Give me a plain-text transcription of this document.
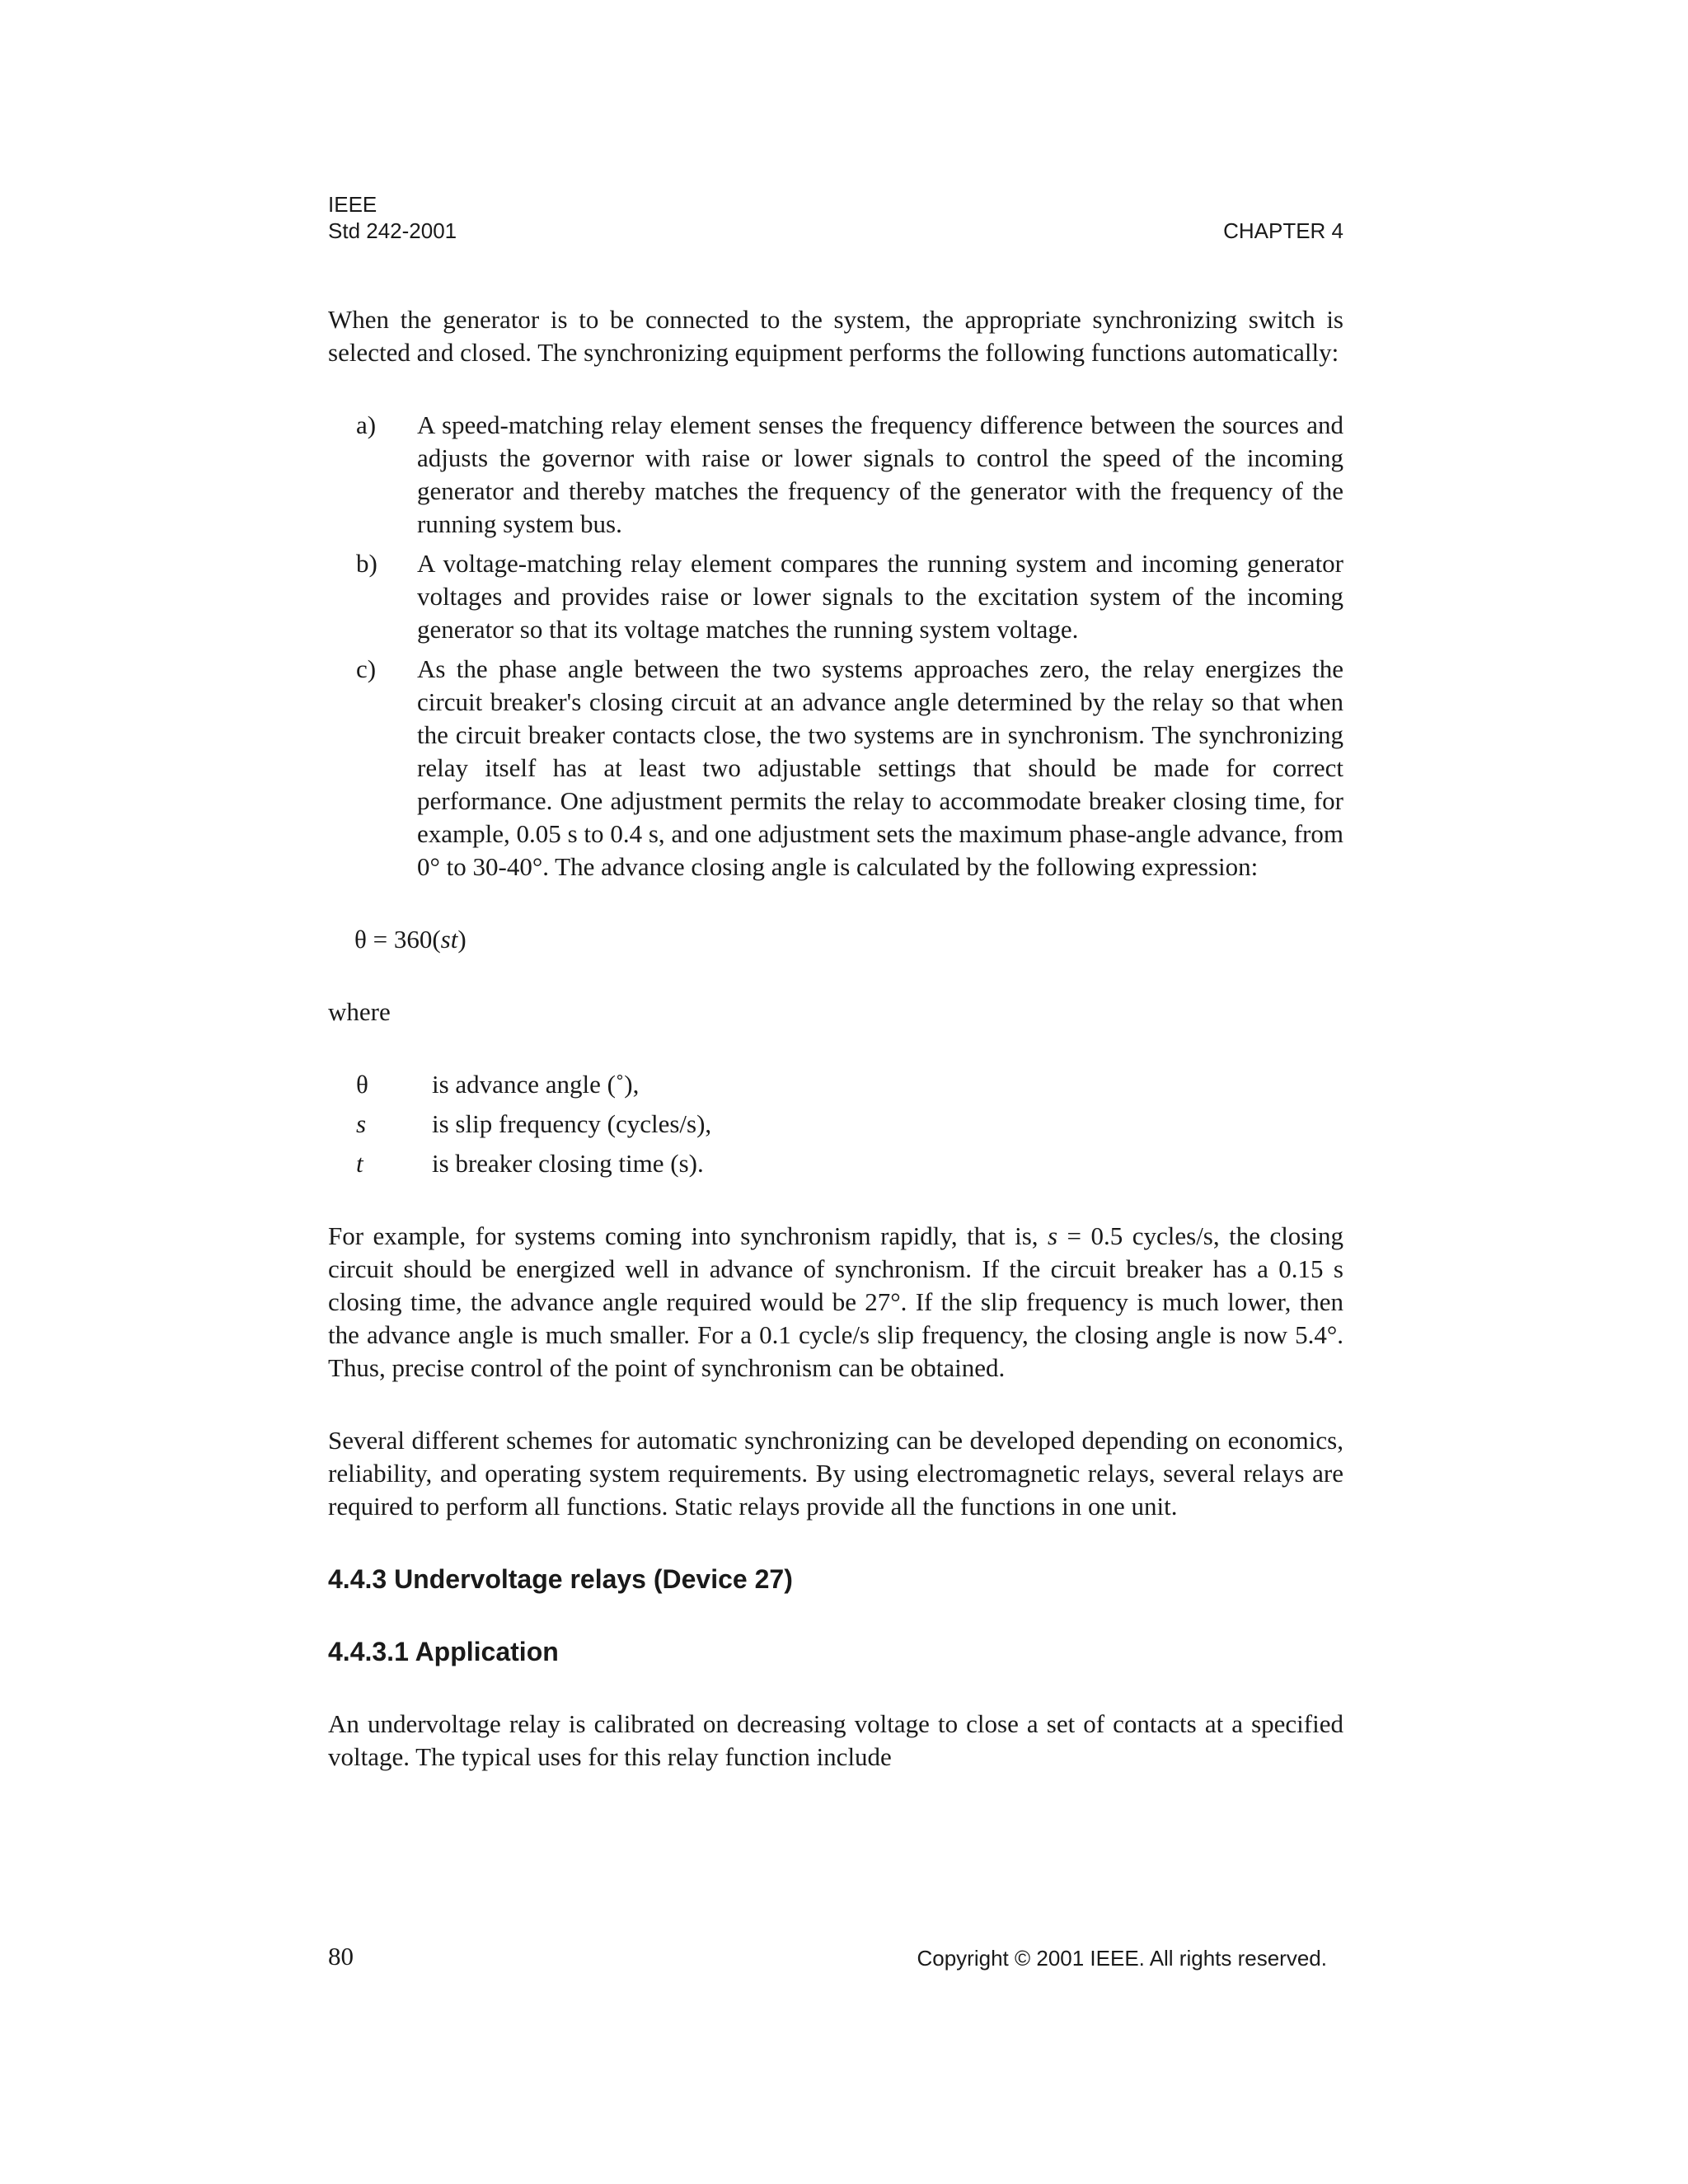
IEEE
Std 242-2001	CHAPTER 4

When the generator is to be connected to the system, the appropriate synchronizing switch is selected and closed. The synchronizing equipment performs the following functions automatically:

a)	A speed-matching relay element senses the frequency difference between the sources and adjusts the governor with raise or lower signals to control the speed of the incoming generator and thereby matches the frequency of the generator with the frequency of the running system bus.
b)	A voltage-matching relay element compares the running system and incoming generator voltages and provides raise or lower signals to the excitation system of the incoming generator so that its voltage matches the running system voltage.
c)	As the phase angle between the two systems approaches zero, the relay energizes the circuit breaker's closing circuit at an advance angle determined by the relay so that when the circuit breaker contacts close, the two systems are in synchronism. The synchronizing relay itself has at least two adjustable settings that should be made for correct performance. One adjustment permits the relay to accommodate breaker closing time, for example, 0.05 s to 0.4 s, and one adjustment sets the maximum phase-angle advance, from 0° to 30-40°. The advance closing angle is calculated by the following expression:
θ = 360(st)
where
θ	is advance angle (˚),
s	is slip frequency (cycles/s),
t	is breaker closing time (s).

For example, for systems coming into synchronism rapidly, that is, s = 0.5 cycles/s, the closing circuit should be energized well in advance of synchronism. If the circuit breaker has a 0.15 s closing time, the advance angle required would be 27°. If the slip frequency is much lower, then the advance angle is much smaller. For a 0.1 cycle/s slip frequency, the closing angle is now 5.4°. Thus, precise control of the point of synchronism can be obtained.

Several different schemes for automatic synchronizing can be developed depending on economics, reliability, and operating system requirements. By using electromagnetic relays, several relays are required to perform all functions. Static relays provide all the functions in one unit.

4.4.3 Undervoltage relays (Device 27)
4.4.3.1 Application

An undervoltage relay is calibrated on decreasing voltage to close a set of contacts at a specified voltage. The typical uses for this relay function include

80	Copyright © 2001 IEEE. All rights reserved.
